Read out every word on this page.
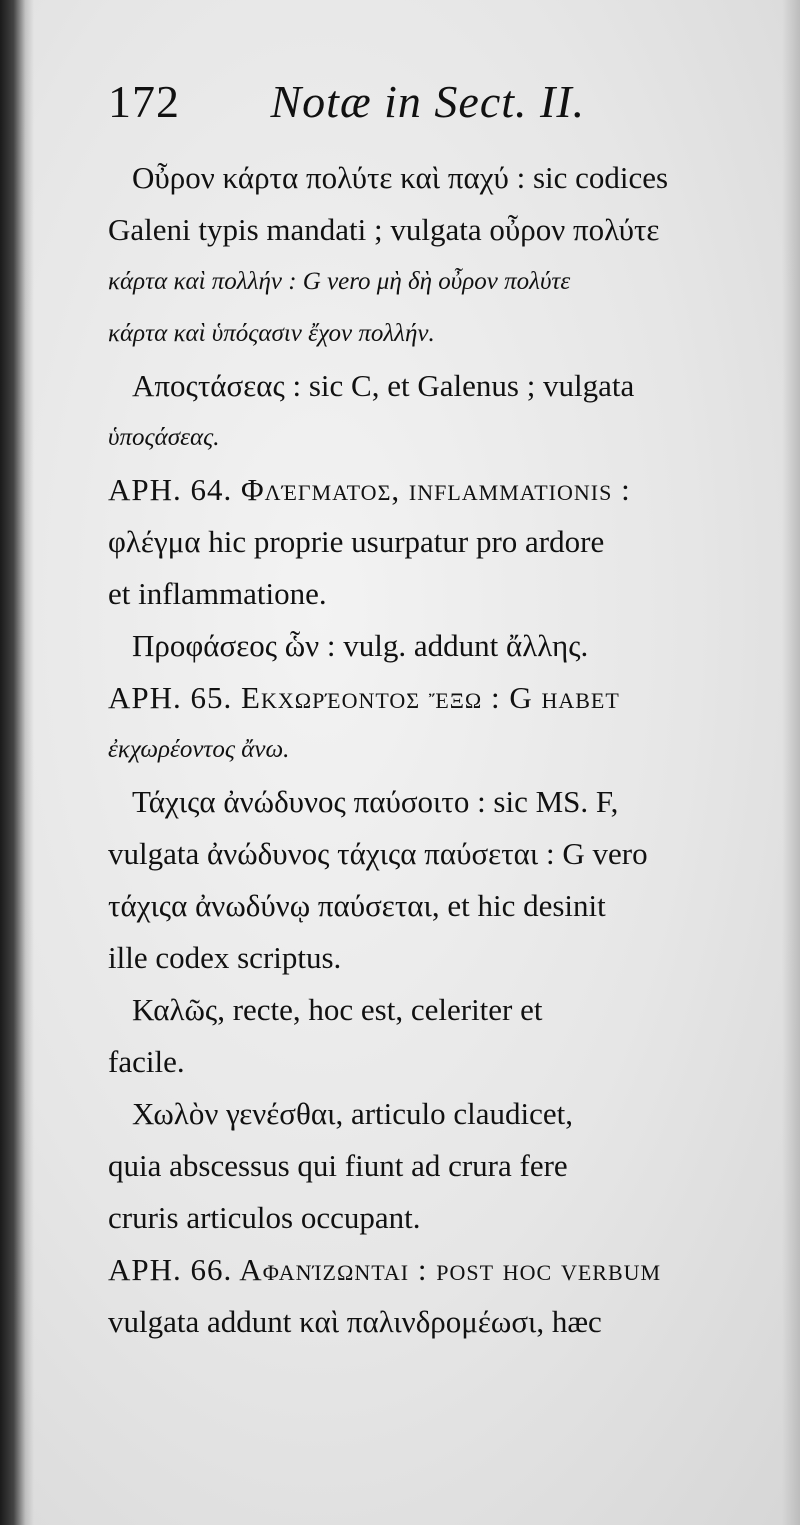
172 Notæ in Sect. II.
Οὖρον κάρτα πολύτε καὶ παχύ : sic codices
Galeni typis mandati ; vulgata οὖρον πολύτε
κάρτα καὶ πολλήν : G vero μὴ δὴ οὖρον πολύτε
κάρτα καὶ ὑπόςασιν ἔχον πολλήν.
Αποςτάσεας : sic C, et Galenus ; vulgata
ὑποςάσεας.
ΑΡΗ. 64. Φλέγματος, inflammationis :
φλέγμα hic proprie usurpatur pro ardore
et inflammatione.
Προφάσεος ὧν : vulg. addunt ἄλλης.
ΑΡΗ. 65. Εκχωρέοντος ἔξω : G habet
ἐκχωρέοντος ἄνω.
Τάχιςα ἀνώδυνος παύσοιτο : sic MS. F,
vulgata ἀνώδυνος τάχιςα παύσεται : G vero
τάχιςα ἀνωδύνῳ παύσεται, et hic desinit
ille codex scriptus.
Καλῶς, recte, hoc est, celeriter et
facile.
Χωλὸν γενέσθαι, articulo claudicet,
quia abscessus qui fiunt ad crura fere
cruris articulos occupant.
ΑΡΗ. 66. Αφανίζωνται : post hoc verbum
vulgata addunt καὶ παλινδρομέωσι, hæc
